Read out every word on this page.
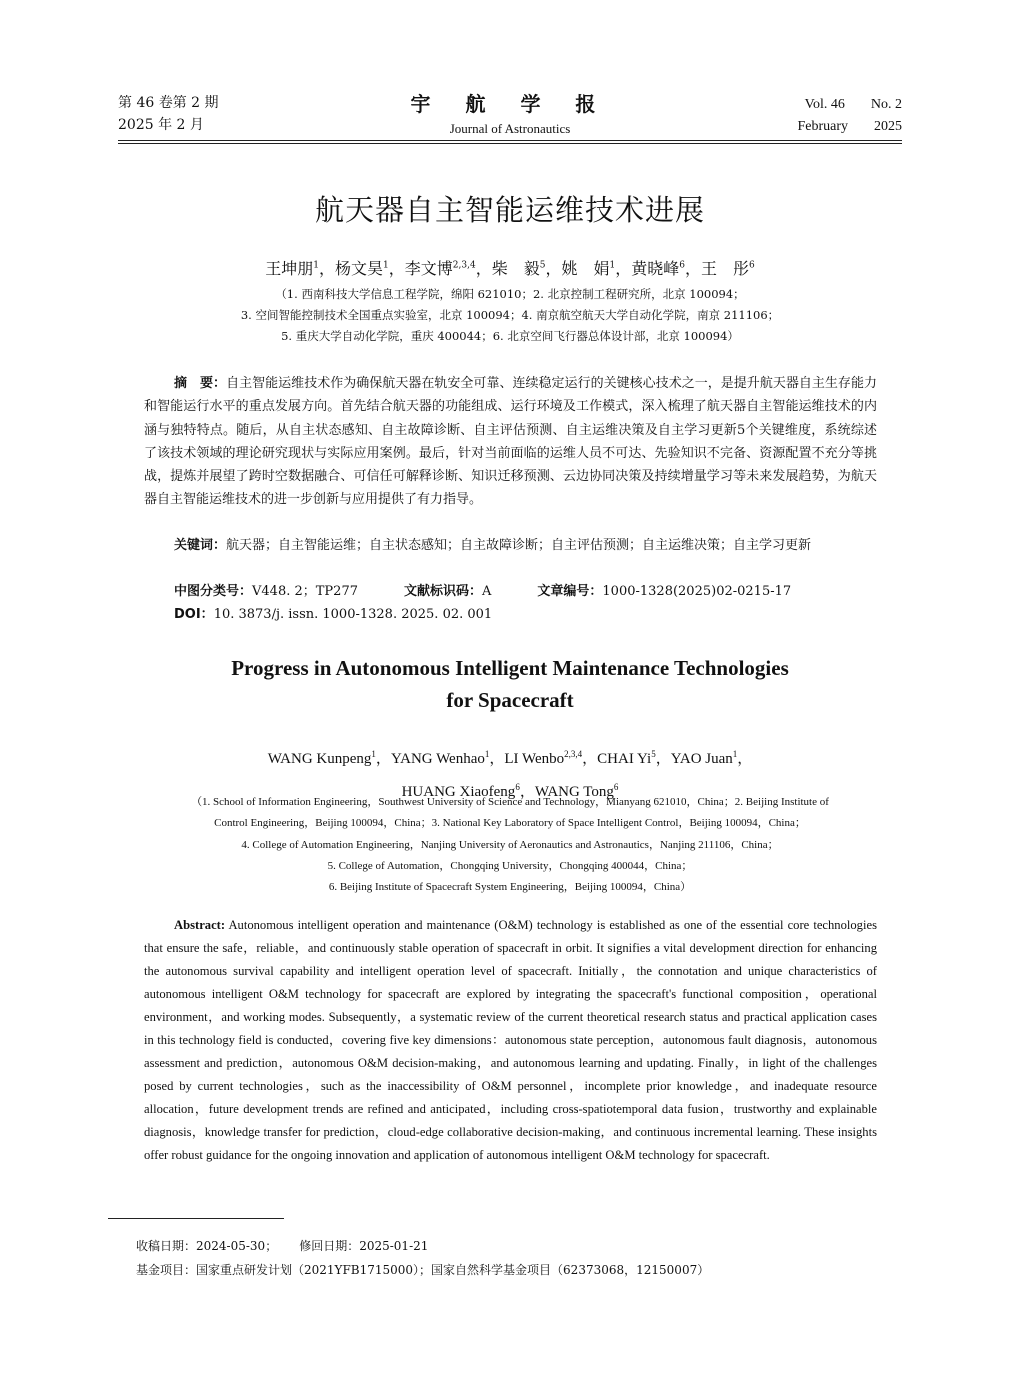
第 46 卷第 2 期
2025 年 2 月
宇 航 学 报
Journal of Astronautics
Vol. 46 No. 2
February 2025
航天器自主智能运维技术进展
王坤朋$^1$，杨文昊$^1$，李文博$^{2,3,4}$，柴　毅$^5$，姚　娟$^1$，黄晓峰$^6$，王　彤$^6$
（1. 西南科技大学信息工程学院，绵阳 621010；2. 北京控制工程研究所，北京 100094；
3. 空间智能控制技术全国重点实验室，北京 100094；4. 南京航空航天大学自动化学院，南京 211106；
5. 重庆大学自动化学院，重庆 400044；6. 北京空间飞行器总体设计部，北京 100094）
摘　要：自主智能运维技术作为确保航天器在轨安全可靠、连续稳定运行的关键核心技术之一，是提升航天器自主生存能力和智能运行水平的重点发展方向。首先结合航天器的功能组成、运行环境及工作模式，深入梳理了航天器自主智能运维技术的内涵与独特特点。随后，从自主状态感知、自主故障诊断、自主评估预测、自主运维决策及自主学习更新5个关键维度，系统综述了该技术领域的理论研究现状与实际应用案例。最后，针对当前面临的运维人员不可达、先验知识不完备、资源配置不充分等挑战，提炼并展望了跨时空数据融合、可信任可解释诊断、知识迁移预测、云边协同决策及持续增量学习等未来发展趋势，为航天器自主智能运维技术的进一步创新与应用提供了有力指导。
关键词：航天器；自主智能运维；自主状态感知；自主故障诊断；自主评估预测；自主运维决策；自主学习更新
中图分类号：V448. 2；TP277	文献标识码：A	文章编号：1000-1328(2025)02-0215-17
DOI：10. 3873/j. issn. 1000-1328. 2025. 02. 001
Progress in Autonomous Intelligent Maintenance Technologies
for Spacecraft
WANG Kunpeng$^1$，YANG Wenhao$^1$，LI Wenbo$^{2,3,4}$，CHAI Yi$^5$，YAO Juan$^1$，
HUANG Xiaofeng$^6$，WANG Tong$^6$
（1. School of Information Engineering，Southwest University of Science and Technology，Mianyang 621010，China；2. Beijing Institute of
Control Engineering，Beijing 100094，China；3. National Key Laboratory of Space Intelligent Control，Beijing 100094，China；
4. College of Automation Engineering，Nanjing University of Aeronautics and Astronautics，Nanjing 211106，China；
5. College of Automation，Chongqing University，Chongqing 400044，China；
6. Beijing Institute of Spacecraft System Engineering，Beijing 100094，China）
Abstract: Autonomous intelligent operation and maintenance (O&M) technology is established as one of the essential core technologies that ensure the safe，reliable，and continuously stable operation of spacecraft in orbit. It signifies a vital development direction for enhancing the autonomous survival capability and intelligent operation level of spacecraft. Initially，the connotation and unique characteristics of autonomous intelligent O&M technology for spacecraft are explored by integrating the spacecraft's functional composition，operational environment，and working modes. Subsequently，a systematic review of the current theoretical research status and practical application cases in this technology field is conducted，covering five key dimensions：autonomous state perception，autonomous fault diagnosis，autonomous assessment and prediction，autonomous O&M decision-making，and autonomous learning and updating. Finally，in light of the challenges posed by current technologies，such as the inaccessibility of O&M personnel，incomplete prior knowledge，and inadequate resource allocation，future development trends are refined and anticipated，including cross-spatiotemporal data fusion，trustworthy and explainable diagnosis，knowledge transfer for prediction，cloud-edge collaborative decision-making，and continuous incremental learning. These insights offer robust guidance for the ongoing innovation and application of autonomous intelligent O&M technology for spacecraft.
收稿日期：2024-05-30； 修回日期：2025-01-21
基金项目：国家重点研发计划（2021YFB1715000）；国家自然科学基金项目（62373068，12150007）
